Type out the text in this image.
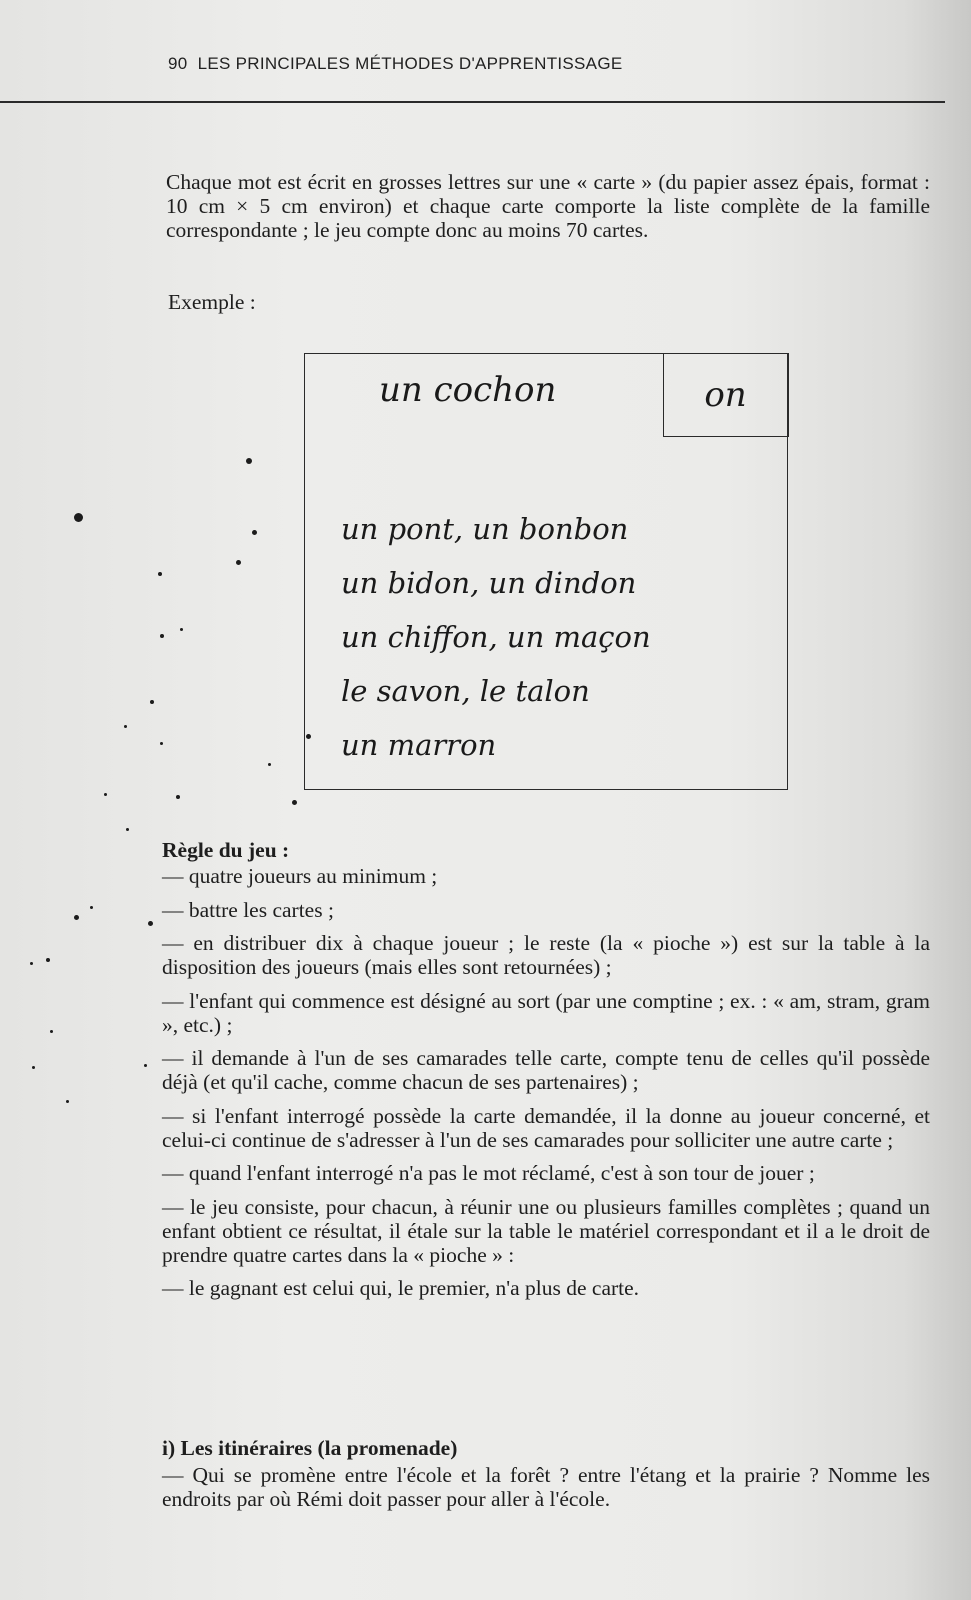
90 LES PRINCIPALES MÉTHODES D'APPRENTISSAGE

Chaque mot est écrit en grosses lettres sur une « carte » (du papier assez épais, format : 10 cm × 5 cm environ) et chaque carte comporte la liste complète de la famille correspondante ; le jeu compte donc au moins 70 cartes.

Exemple :
un cochon	on
un pont, un bonbon
un bidon, un dindon
un chiffon, un maçon
le savon, le talon
un marron
Règle du jeu :
— quatre joueurs au minimum ;
— battre les cartes ;
— en distribuer dix à chaque joueur ; le reste (la « pioche ») est sur la table à la disposition des joueurs (mais elles sont retournées) ;
— l'enfant qui commence est désigné au sort (par une comptine ; ex. : « am, stram, gram », etc.) ;
— il demande à l'un de ses camarades telle carte, compte tenu de celles qu'il possède déjà (et qu'il cache, comme chacun de ses partenaires) ;
— si l'enfant interrogé possède la carte demandée, il la donne au joueur concerné, et celui-ci continue de s'adresser à l'un de ses camarades pour solliciter une autre carte ;
— quand l'enfant interrogé n'a pas le mot réclamé, c'est à son tour de jouer ;
— le jeu consiste, pour chacun, à réunir une ou plusieurs familles complètes ; quand un enfant obtient ce résultat, il étale sur la table le matériel correspondant et il a le droit de prendre quatre cartes dans la « pioche » :
— le gagnant est celui qui, le premier, n'a plus de carte.
i) Les itinéraires (la promenade)

— Qui se promène entre l'école et la forêt ? entre l'étang et la prairie ? Nomme les endroits par où Rémi doit passer pour aller à l'école.
